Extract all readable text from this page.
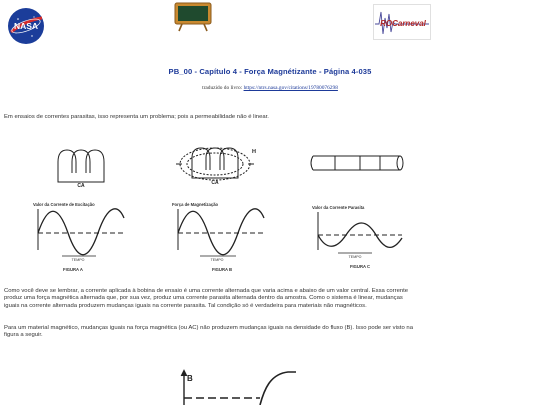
NASA	ROCarneval
PB_00 - Capítulo 4 - Força Magnétizante - Página 4-035
traduzido do livro: https://ntrs.nasa.gov/citations/19780076298
Em ensaios de correntes parasitas, isso representa um problema; pois a permeabilidade não é linear.
CA
H
CA
Valor da Corrente de Excitação
TEMPO
FIGURA A
Força de Magnetização
TEMPO
FIGURA B
Valor da Corrente Parasita
TEMPO
FIGURA C
Como você deve se lembrar, a corrente aplicada à bobina de ensaio é uma corrente alternada que varia acima e abaixo de um valor central. Essa corrente produz uma força magnética alternada que, por sua vez, produz uma corrente parasita alternada dentro da amostra. Como o sistema é linear, mudanças iguais na corrente alternada produzem mudanças iguais na corrente parasita. Tal condição só é verdadeira para materiais não magnéticos.
Para um material magnético, mudanças iguais na força magnética (ou AC) não produzem mudanças iguais na densidade do fluxo (B). Isso pode ser visto na figura a seguir.
B
